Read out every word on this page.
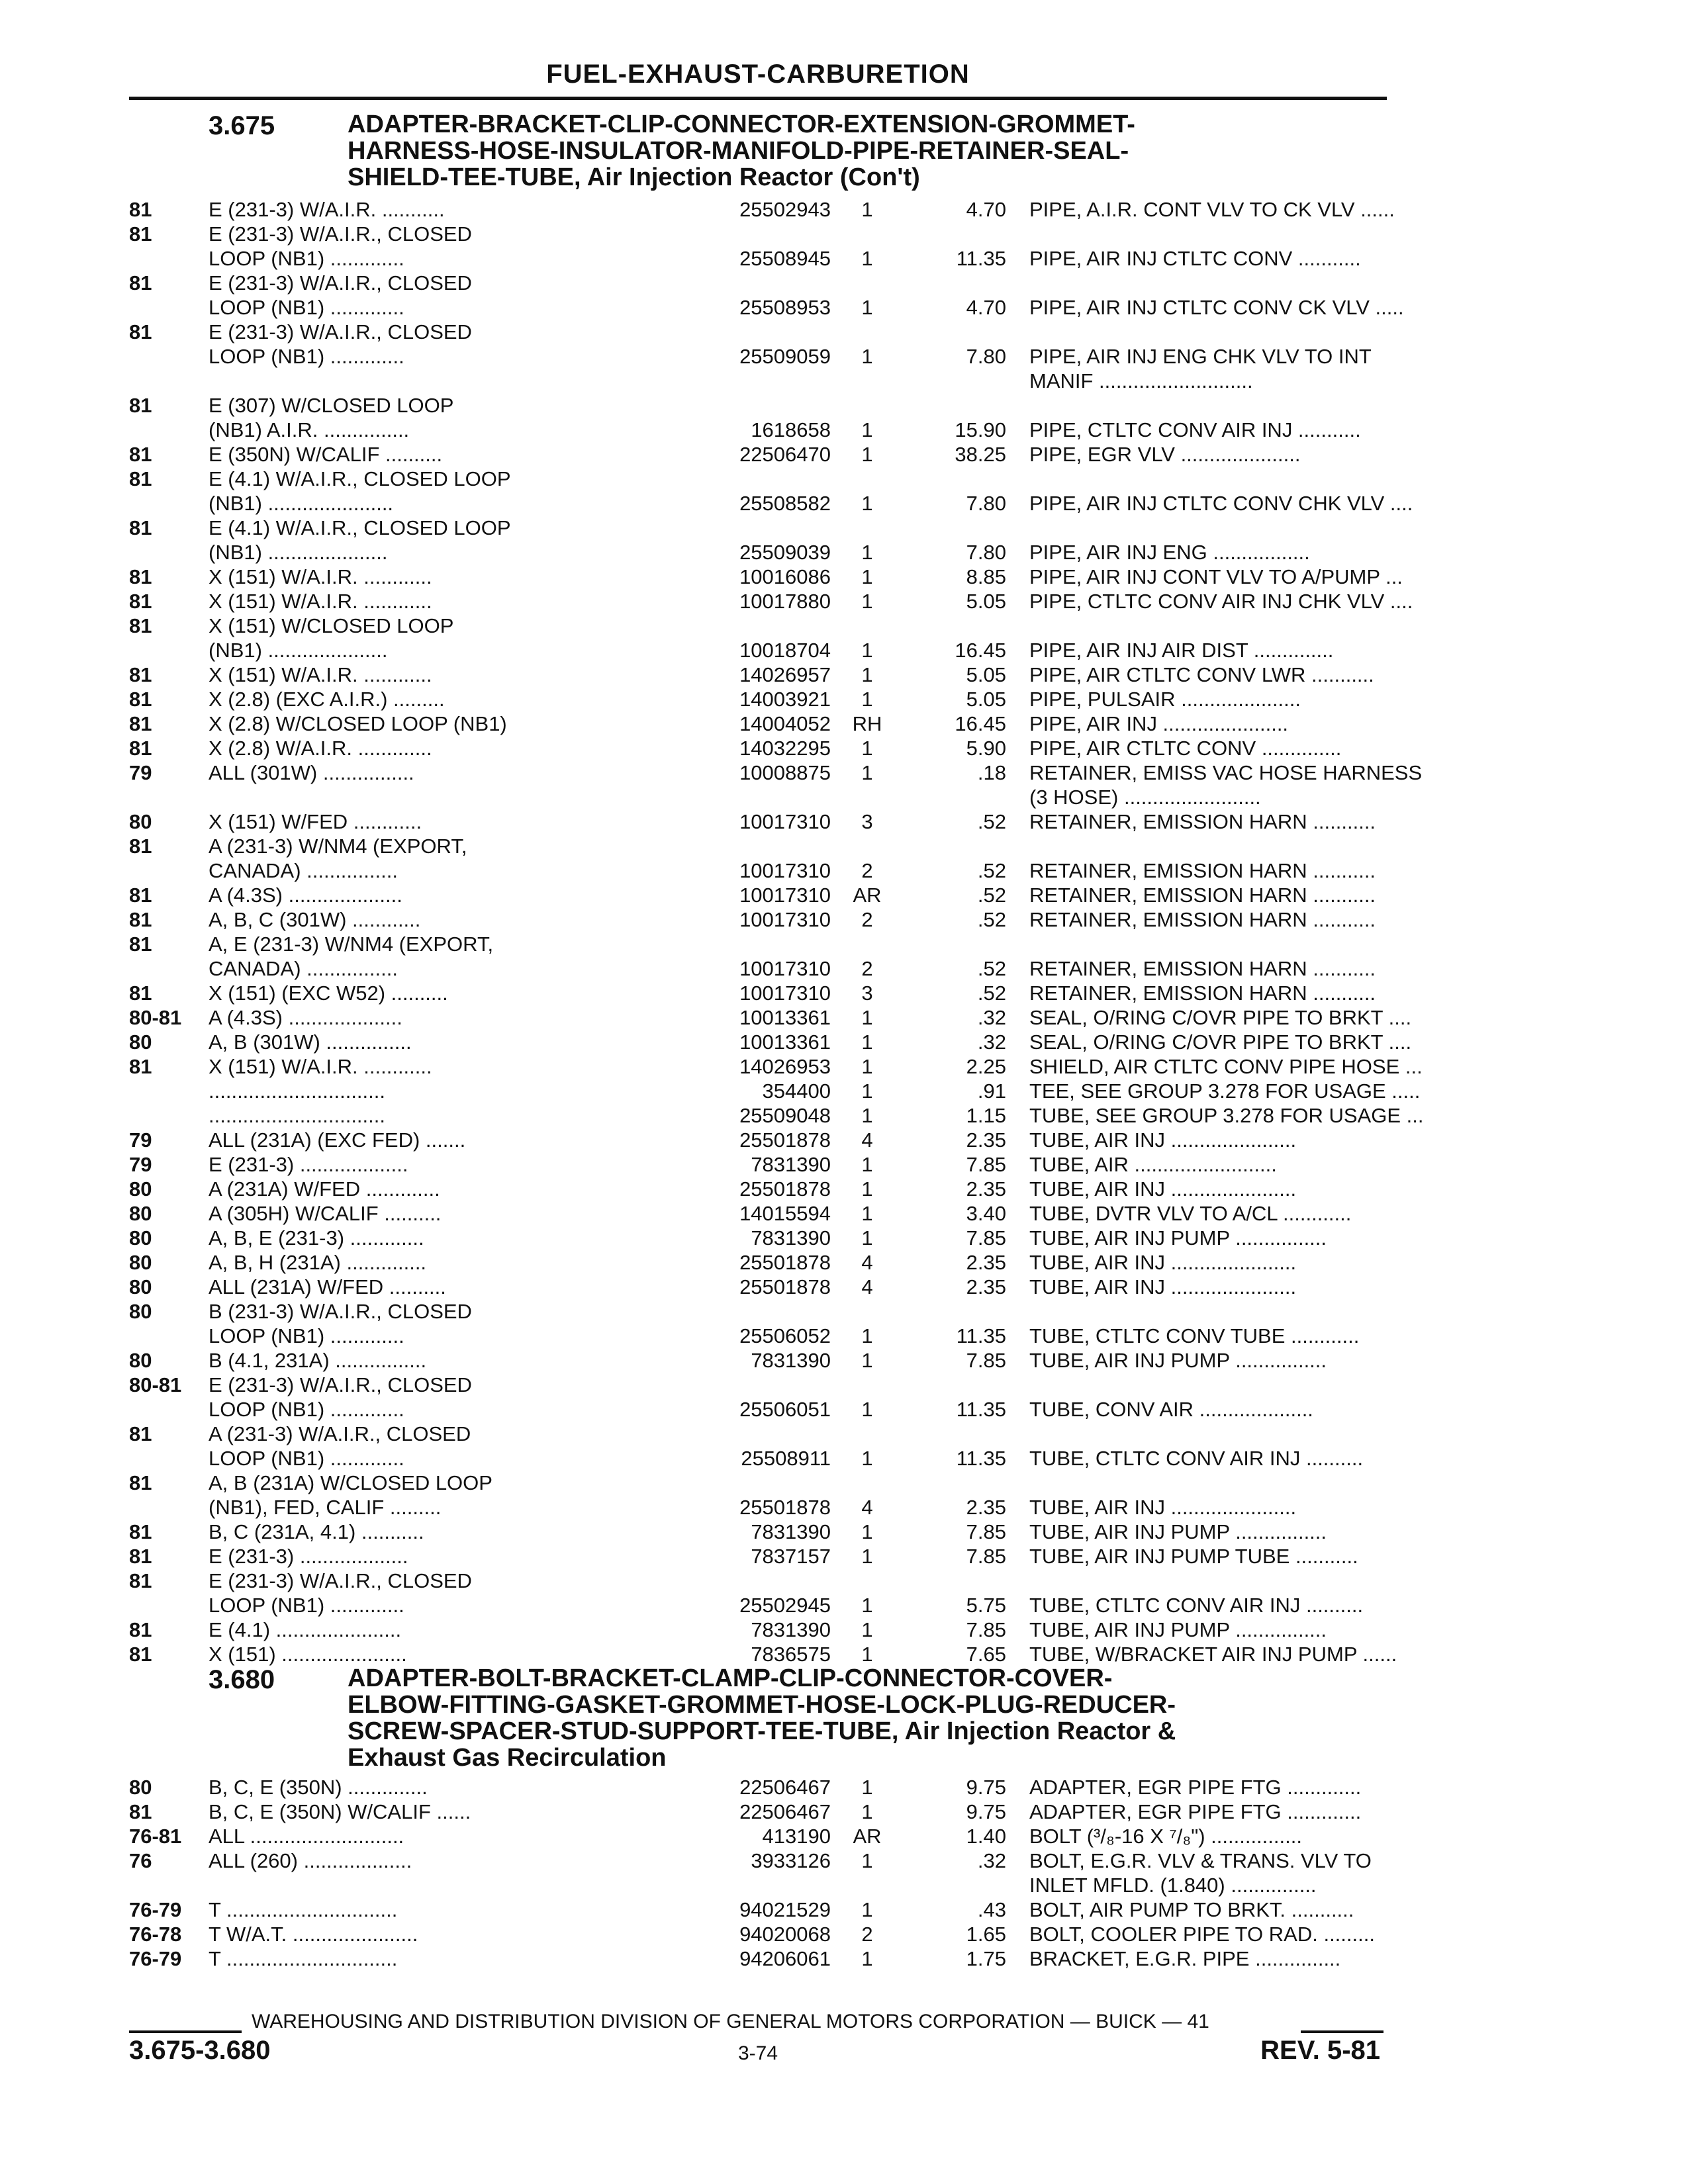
FUEL-EXHAUST-CARBURETION
3.675	ADAPTER-BRACKET-CLIP-CONNECTOR-EXTENSION-GROMMET-
HARNESS-HOSE-INSULATOR-MANIFOLD-PIPE-RETAINER-SEAL-
SHIELD-TEE-TUBE, Air Injection Reactor (Con't)
81	E (231-3) W/A.I.R. ...........	25502943	1	4.70 PIPE, A.I.R. CONT VLV TO CK VLV ......
81	E (231-3) W/A.I.R., CLOSED
LOOP (NB1) .............	25508945	1	11.35 PIPE, AIR INJ CTLTC CONV ...........
81	E (231-3) W/A.I.R., CLOSED
LOOP (NB1) .............	25508953	1	4.70 PIPE, AIR INJ CTLTC CONV CK VLV .....
81	E (231-3) W/A.I.R., CLOSED
LOOP (NB1) .............	25509059	1	7.80 PIPE, AIR INJ ENG CHK VLV TO INT
MANIF ...........................
81	E (307) W/CLOSED LOOP
(NB1) A.I.R. ...............	1618658	1	15.90 PIPE, CTLTC CONV AIR INJ ...........
81	E (350N) W/CALIF ..........	22506470	1	38.25 PIPE, EGR VLV .....................
81	E (4.1) W/A.I.R., CLOSED LOOP
(NB1) ......................	25508582	1	7.80 PIPE, AIR INJ CTLTC CONV CHK VLV ....
81	E (4.1) W/A.I.R., CLOSED LOOP
(NB1) .....................	25509039	1	7.80 PIPE, AIR INJ ENG .................
81	X (151) W/A.I.R. ............	10016086	1	8.85 PIPE, AIR INJ CONT VLV TO A/PUMP ...
81	X (151) W/A.I.R. ............	10017880	1	5.05 PIPE, CTLTC CONV AIR INJ CHK VLV ....
81	X (151) W/CLOSED LOOP
(NB1) .....................	10018704	1	16.45 PIPE, AIR INJ AIR DIST ..............
81	X (151) W/A.I.R. ............	14026957	1	5.05 PIPE, AIR CTLTC CONV LWR ...........
81	X (2.8) (EXC A.I.R.) .........	14003921	1	5.05 PIPE, PULSAIR .....................
81	X (2.8) W/CLOSED LOOP (NB1)	14004052 RH	16.45 PIPE, AIR INJ ......................
81	X (2.8) W/A.I.R. .............	14032295	1	5.90 PIPE, AIR CTLTC CONV ..............
79	ALL (301W) ................	10008875	1	.18 RETAINER, EMISS VAC HOSE HARNESS
(3 HOSE) ........................
80	X (151) W/FED ............	10017310	3	.52 RETAINER, EMISSION HARN ...........
81	A (231-3) W/NM4 (EXPORT,
CANADA) ................	10017310	2	.52 RETAINER, EMISSION HARN ...........
81	A (4.3S) ....................	10017310 AR	.52 RETAINER, EMISSION HARN ...........
81	A, B, C (301W) ............	10017310	2	.52 RETAINER, EMISSION HARN ...........
81	A, E (231-3) W/NM4 (EXPORT,
CANADA) ................	10017310	2	.52 RETAINER, EMISSION HARN ...........
81	X (151) (EXC W52) ..........	10017310	3	.52 RETAINER, EMISSION HARN ...........
80-81	A (4.3S) ....................	10013361	1	.32 SEAL, O/RING C/OVR PIPE TO BRKT ....
80	A, B (301W) ...............	10013361	1	.32 SEAL, O/RING C/OVR PIPE TO BRKT ....
81	X (151) W/A.I.R. ............	14026953	1	2.25 SHIELD, AIR CTLTC CONV PIPE HOSE ...
...............................	354400	1	.91 TEE, SEE GROUP 3.278 FOR USAGE .....
...............................	25509048	1	1.15 TUBE, SEE GROUP 3.278 FOR USAGE ...
79	ALL (231A) (EXC FED) .......	25501878	4	2.35 TUBE, AIR INJ ......................
79	E (231-3) ...................	7831390	1	7.85 TUBE, AIR .........................
80	A (231A) W/FED .............	25501878	1	2.35 TUBE, AIR INJ ......................
80	A (305H) W/CALIF ..........	14015594	1	3.40 TUBE, DVTR VLV TO A/CL ............
80	A, B, E (231-3) .............	7831390	1	7.85 TUBE, AIR INJ PUMP ................
80	A, B, H (231A) ..............	25501878	4	2.35 TUBE, AIR INJ ......................
80	ALL (231A) W/FED ..........	25501878	4	2.35 TUBE, AIR INJ ......................
80	B (231-3) W/A.I.R., CLOSED
LOOP (NB1) .............	25506052	1	11.35 TUBE, CTLTC CONV TUBE ............
80	B (4.1, 231A) ................	7831390	1	7.85 TUBE, AIR INJ PUMP ................
80-81	E (231-3) W/A.I.R., CLOSED
LOOP (NB1) .............	25506051	1	11.35 TUBE, CONV AIR ....................
81	A (231-3) W/A.I.R., CLOSED
LOOP (NB1) .............	25508911	1	11.35 TUBE, CTLTC CONV AIR INJ ..........
81	A, B (231A) W/CLOSED LOOP
(NB1), FED, CALIF .........	25501878	4	2.35 TUBE, AIR INJ ......................
81	B, C (231A, 4.1) ...........	7831390	1	7.85 TUBE, AIR INJ PUMP ................
81	E (231-3) ...................	7837157	1	7.85 TUBE, AIR INJ PUMP TUBE ...........
81	E (231-3) W/A.I.R., CLOSED
LOOP (NB1) .............	25502945	1	5.75 TUBE, CTLTC CONV AIR INJ ..........
81	E (4.1) ......................	7831390	1	7.85 TUBE, AIR INJ PUMP ................
81	X (151) ......................	7836575	1	7.65 TUBE, W/BRACKET AIR INJ PUMP ......
3.680	ADAPTER-BOLT-BRACKET-CLAMP-CLIP-CONNECTOR-COVER-
ELBOW-FITTING-GASKET-GROMMET-HOSE-LOCK-PLUG-REDUCER-
SCREW-SPACER-STUD-SUPPORT-TEE-TUBE, Air Injection Reactor &
Exhaust Gas Recirculation
80	B, C, E (350N) ..............	22506467	1	9.75 ADAPTER, EGR PIPE FTG .............
81	B, C, E (350N) W/CALIF ......	22506467	1	9.75 ADAPTER, EGR PIPE FTG .............
76-81	ALL ...........................	413190 AR	1.40 BOLT (³/₈-16 X ⁷/₈") ................
76	ALL (260) ...................	3933126	1	.32 BOLT, E.G.R. VLV & TRANS. VLV TO
INLET MFLD. (1.840) ...............
76-79	T ..............................	94021529	1	.43 BOLT, AIR PUMP TO BRKT. ...........
76-78	T W/A.T. ......................	94020068	2	1.65 BOLT, COOLER PIPE TO RAD. .........
76-79	T ..............................	94206061	1	1.75 BRACKET, E.G.R. PIPE ...............
WAREHOUSING AND DISTRIBUTION DIVISION OF GENERAL MOTORS CORPORATION — BUICK — 41
3.675-3.680	3-74	REV. 5-81
